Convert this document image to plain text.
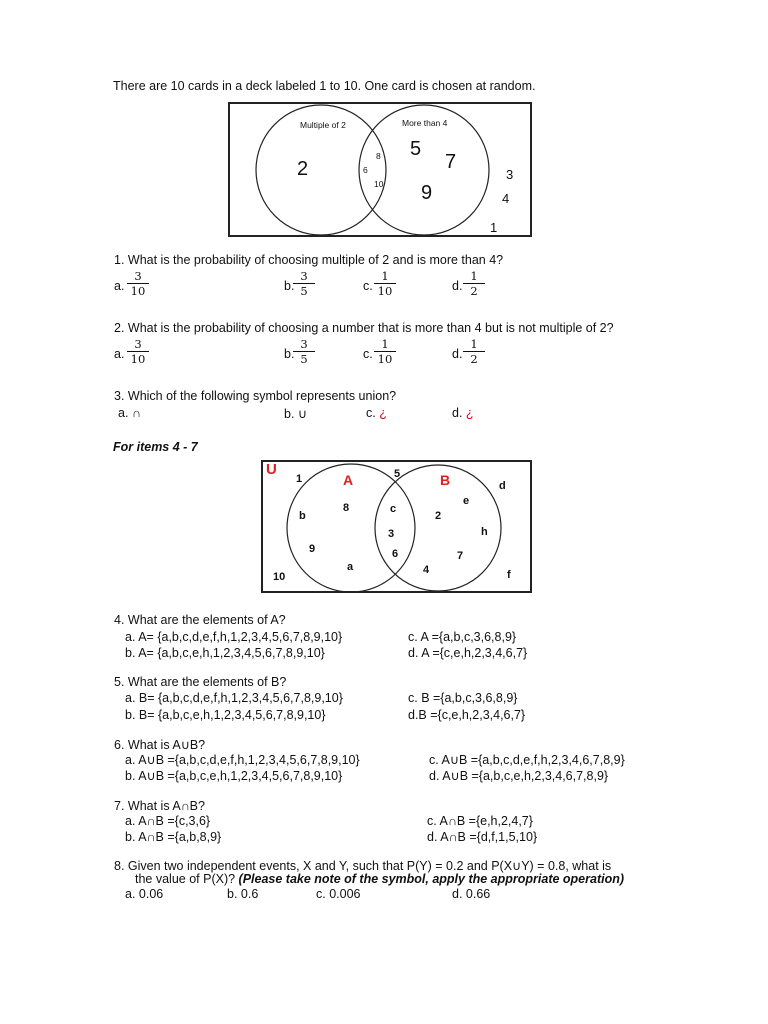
There are 10 cards in a deck labeled 1 to 10. One card is chosen at random.
Multiple of 2	More than 4
2
8
6
10
5
7
9
3
4
1
1. What is the probability of choosing multiple of 2 and is more than 4?
a. $\frac{3}{10}$	b.
$\frac{3}{5}$	c. $\frac{1}{10}$	d. $\frac{1}{2}$
2. What is the probability of choosing a number that is more than 4 but is not multiple of 2?
a. $\frac{3}{10}$	b.
$\frac{3}{5}$	c. $\frac{1}{10}$	d. $\frac{1}{2}$
3. Which of the following symbol represents union?
a. ∩	b. ∪	c. ¿	d. ¿
For items 4 - 7
U
A	B
1	5
d
10	f
8
b
9
a
c
3
6
e
2
h
7
4
4. What are the elements of A?
a. A= {a,b,c,d,e,f,h,1,2,3,4,5,6,7,8,9,10}	c. A ={a,b,c,3,6,8,9}
b. A= {a,b,c,e,h,1,2,3,4,5,6,7,8,9,10}	d. A ={c,e,h,2,3,4,6,7}
5. What are the elements of B?
a. B= {a,b,c,d,e,f,h,1,2,3,4,5,6,7,8,9,10}	c. B ={a,b,c,3,6,8,9}
b. B= {a,b,c,e,h,1,2,3,4,5,6,7,8,9,10}	d.B ={c,e,h,2,3,4,6,7}
6. What is A∪B?
a. A∪B ={a,b,c,d,e,f,h,1,2,3,4,5,6,7,8,9,10}	c. A∪B ={a,b,c,d,e,f,h,2,3,4,6,7,8,9}
b. A∪B ={a,b,c,e,h,1,2,3,4,5,6,7,8,9,10}	d. A∪B ={a,b,c,e,h,2,3,4,6,7,8,9}
7. What is A∩B?
a. A∩B ={c,3,6}	c. A∩B ={e,h,2,4,7}
b. A∩B ={a,b,8,9}	d. A∩B ={d,f,1,5,10}
8. Given two independent events, X and Y, such that P(Y) = 0.2 and P(X∪Y) = 0.8, what is
the value of P(X)? (Please take note of the symbol, apply the appropriate operation)
a. 0.06	b. 0.6	c. 0.006	d. 0.66
